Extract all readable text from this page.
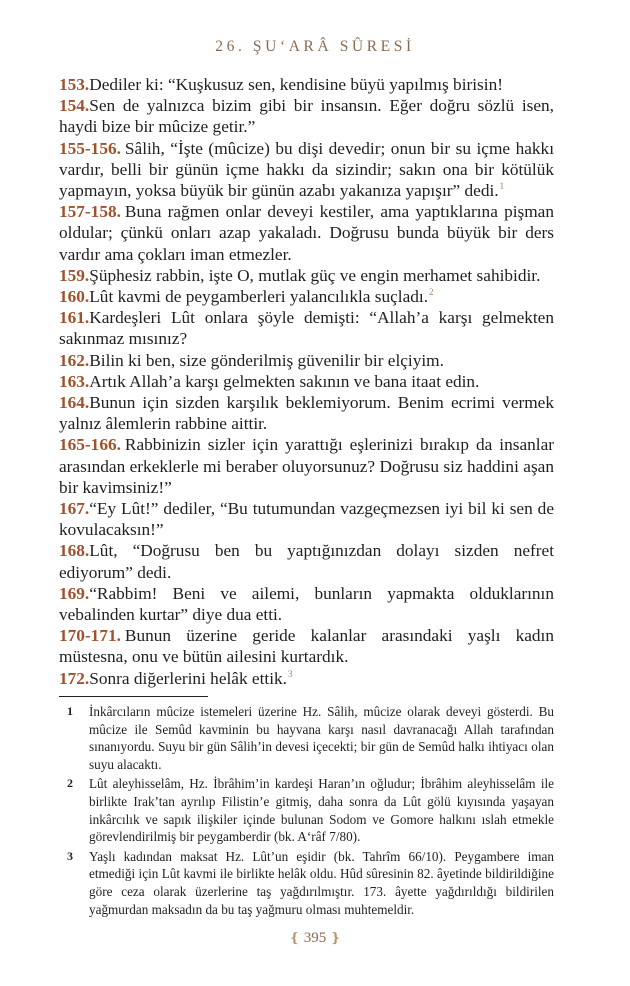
26. ŞU‘ARÂ SÛRESİ

153.Dediler ki: “Kuşkusuz sen, kendisine büyü yapılmış birisin!

154.Sen de yalnızca bizim gibi bir insansın. Eğer doğru sözlü isen, haydi bize bir mûcize getir.”

155-156. Sâlih, “İşte (mûcize) bu dişi devedir; onun bir su içme hakkı vardır, belli bir günün içme hakkı da sizindir; sakın ona bir kötülük yapmayın, yoksa büyük bir günün azabı yakanıza yapışır” dedi.$^1$

157-158. Buna rağmen onlar deveyi kestiler, ama yaptıklarına pişman oldular; çünkü onları azap yakaladı. Doğrusu bunda büyük bir ders vardır ama çokları iman etmezler.

159.Şüphesiz rabbin, işte O, mutlak güç ve engin merhamet sahibidir.

160.Lût kavmi de peygamberleri yalancılıkla suçladı.$^2$

161.Kardeşleri Lût onlara şöyle demişti: “Allah’a karşı gelmekten sakınmaz mısınız?

162.Bilin ki ben, size gönderilmiş güvenilir bir elçiyim.

163.Artık Allah’a karşı gelmekten sakının ve bana itaat edin.

164.Bunun için sizden karşılık beklemiyorum. Benim ecrimi vermek yalnız âlemlerin rabbine aittir.

165-166. Rabbinizin sizler için yarattığı eşlerinizi bırakıp da insanlar arasından erkeklerle mi beraber oluyorsunuz? Doğrusu siz haddini aşan bir kavimsiniz!”

167.“Ey Lût!” dediler, “Bu tutumundan vazgeçmezsen iyi bil ki sen de kovulacaksın!”

168.Lût, “Doğrusu ben bu yaptığınızdan dolayı sizden nefret ediyorum” dedi.

169.“Rabbim! Beni ve ailemi, bunların yapmakta olduklarının vebalinden kurtar” diye dua etti.

170-171. Bunun üzerine geride kalanlar arasındaki yaşlı kadın müstesna, onu ve bütün ailesini kurtardık.

172.Sonra diğerlerini helâk ettik.$^3$

1	İnkârcıların mûcize istemeleri üzerine Hz. Sâlih, mûcize olarak deveyi gösterdi. Bu mûcize ile Semûd kavminin bu hayvana karşı nasıl davranacağı Allah tarafından sınanıyordu. Suyu bir gün Sâlih’in devesi içecekti; bir gün de Semûd halkı ihtiyacı olan suyu alacaktı.
2	Lût aleyhisselâm, Hz. İbrâhim’in kardeşi Haran’ın oğludur; İbrâhim aleyhisselâm ile birlikte Irak’tan ayrılıp Filistin’e gitmiş, daha sonra da Lût gölü kıyısında yaşayan inkârcılık ve sapık ilişkiler içinde bulunan Sodom ve Gomore halkını ıslah etmekle görevlendirilmiş bir peygamberdir (bk. A‘râf 7/80).
3	Yaşlı kadından maksat Hz. Lût’un eşidir (bk. Tahrîm 66/10). Peygambere iman etmediği için Lût kavmi ile birlikte helâk oldu. Hûd sûresinin 82. âyetinde bildirildiğine göre ceza olarak üzerlerine taş yağdırılmıştır. 173. âyette yağdırıldığı bildirilen yağmurdan maksadın da bu taş yağmuru olması muhtemeldir.
❴ 395 ❵
